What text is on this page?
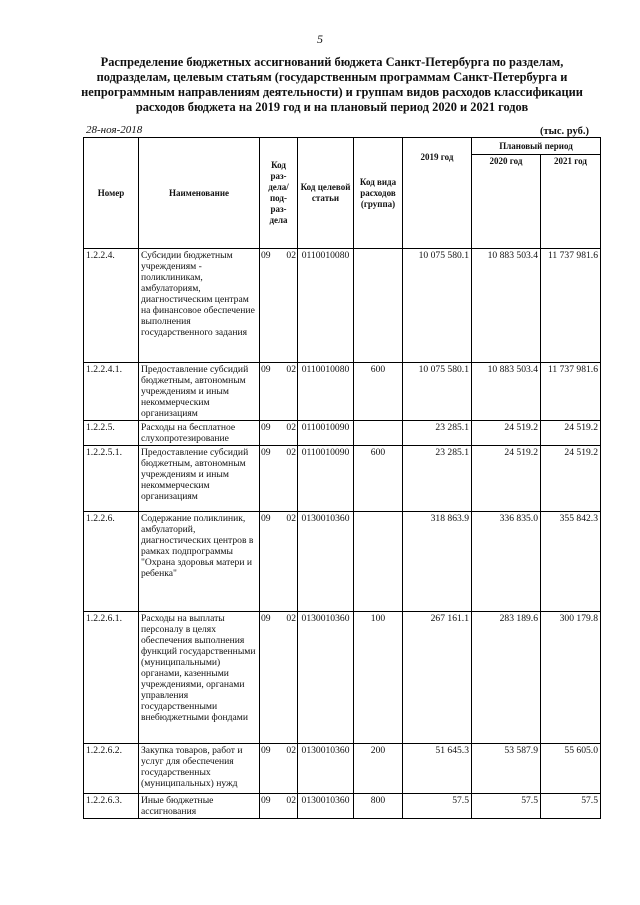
5
Распределение бюджетных ассигнований бюджета Санкт-Петербурга по разделам, подразделам, целевым статьям (государственным программам Санкт-Петербурга и непрограммным направлениям деятельности) и группам видов расходов классификации расходов бюджета на 2019 год и на плановый период 2020 и 2021 годов
28-ноя-2018	(тыс. руб.)
Номер	Наименование	Код раз-дела/ под-раз-дела	Код целевой статьи	Код вида расходов (группа)	2019 год	Плановый период	
						2020 год	2021 год
1.2.2.4.	Субсидии бюджетным учреждениям - поликлиникам, амбулаториям, диагностическим центрам на финансовое обеспечение выполнения государственного задания	09 02	0110010080		10 075 580.1	10 883 503.4	11 737 981.6
1.2.2.4.1.	Предоставление субсидий бюджетным, автономным учреждениям и иным некоммерческим организациям	09 02	0110010080	600	10 075 580.1	10 883 503.4	11 737 981.6
1.2.2.5.	Расходы на бесплатное слухопротезирование	09 02	0110010090		23 285.1	24 519.2	24 519.2
1.2.2.5.1.	Предоставление субсидий бюджетным, автономным учреждениям и иным некоммерческим организациям	09 02	0110010090	600	23 285.1	24 519.2	24 519.2
1.2.2.6.	Содержание поликлиник, амбулаторий, диагностических центров в рамках подпрограммы "Охрана здоровья матери и ребенка"	09 02	0130010360		318 863.9	336 835.0	355 842.3
1.2.2.6.1.	Расходы на выплаты персоналу в целях обеспечения выполнения функций государственными (муниципальными) органами, казенными учреждениями, органами управления государственными внебюджетными фондами	09 02	0130010360	100	267 161.1	283 189.6	300 179.8
1.2.2.6.2.	Закупка товаров, работ и услуг для обеспечения государственных (муниципальных) нужд	09 02	0130010360	200	51 645.3	53 587.9	55 605.0
1.2.2.6.3.	Иные бюджетные ассигнования	09 02	0130010360	800	57.5	57.5	57.5
